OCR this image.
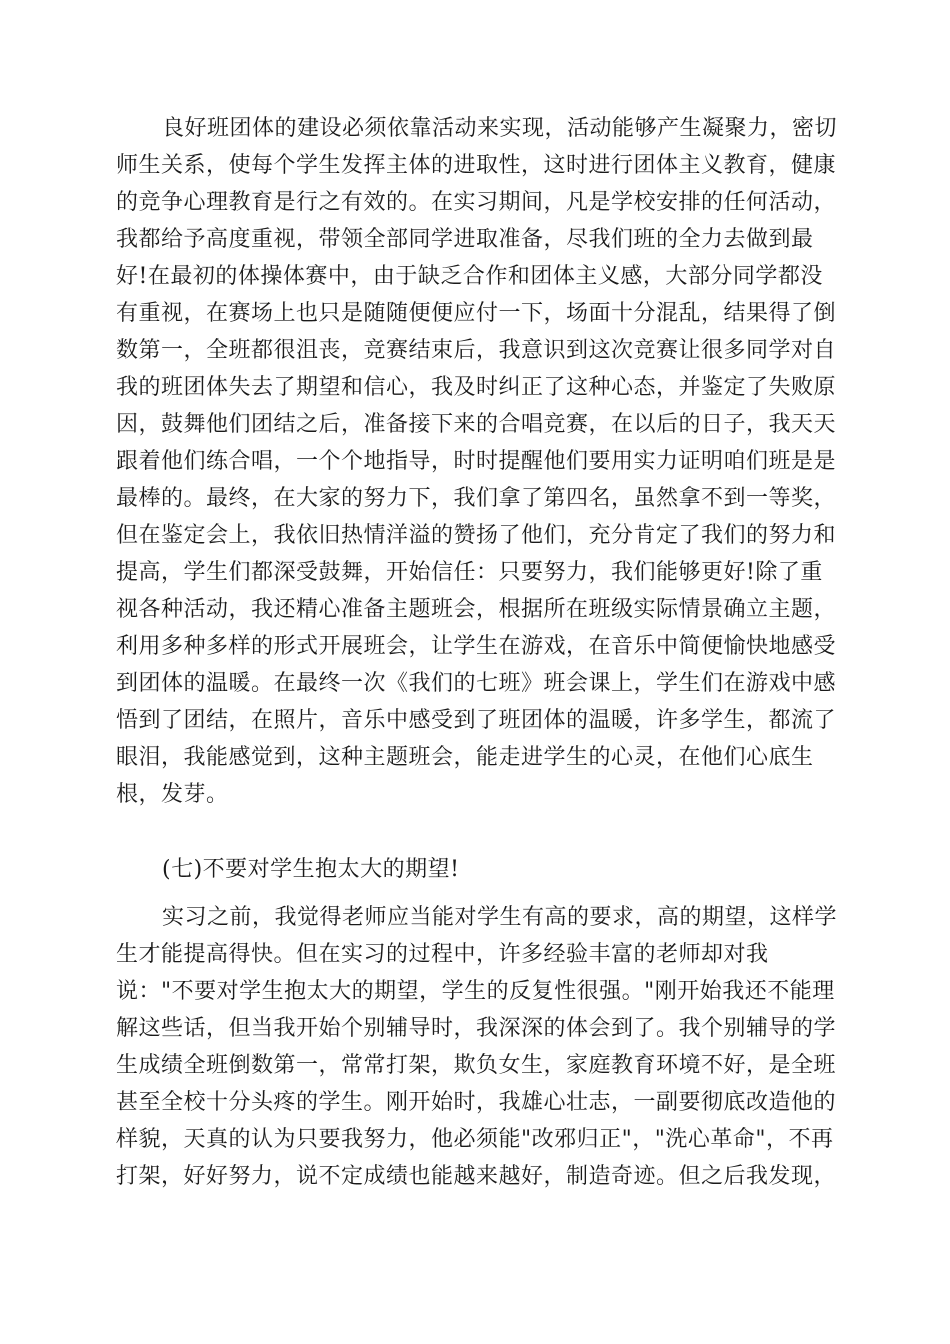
良好班团体的建设必须依靠活动来实现，活动能够产生凝聚力，密切
师生关系，使每个学生发挥主体的进取性，这时进行团体主义教育，健康
的竞争心理教育是行之有效的。在实习期间，凡是学校安排的任何活动，
我都给予高度重视，带领全部同学进取准备，尽我们班的全力去做到最
好!在最初的体操体赛中，由于缺乏合作和团体主义感，大部分同学都没
有重视，在赛场上也只是随随便便应付一下，场面十分混乱，结果得了倒
数第一，全班都很沮丧，竞赛结束后，我意识到这次竞赛让很多同学对自
我的班团体失去了期望和信心，我及时纠正了这种心态，并鉴定了失败原
因，鼓舞他们团结之后，准备接下来的合唱竞赛，在以后的日子，我天天
跟着他们练合唱，一个个地指导，时时提醒他们要用实力证明咱们班是是
最棒的。最终，在大家的努力下，我们拿了第四名，虽然拿不到一等奖，
但在鉴定会上，我依旧热情洋溢的赞扬了他们，充分肯定了我们的努力和
提高，学生们都深受鼓舞，开始信任：只要努力，我们能够更好!除了重
视各种活动，我还精心准备主题班会，根据所在班级实际情景确立主题，
利用多种多样的形式开展班会，让学生在游戏，在音乐中简便愉快地感受
到团体的温暖。在最终一次《我们的七班》班会课上，学生们在游戏中感
悟到了团结，在照片，音乐中感受到了班团体的温暖，许多学生，都流了
眼泪，我能感觉到，这种主题班会，能走进学生的心灵，在他们心底生
根，发芽。
(七)不要对学生抱太大的期望!
实习之前，我觉得老师应当能对学生有高的要求，高的期望，这样学
生才能提高得快。但在实习的过程中，许多经验丰富的老师却对我
说："不要对学生抱太大的期望，学生的反复性很强。"刚开始我还不能理
解这些话，但当我开始个别辅导时，我深深的体会到了。我个别辅导的学
生成绩全班倒数第一，常常打架，欺负女生，家庭教育环境不好，是全班
甚至全校十分头疼的学生。刚开始时，我雄心壮志，一副要彻底改造他的
样貌，天真的认为只要我努力，他必须能"改邪归正"，"洗心革命"，不再
打架，好好努力，说不定成绩也能越来越好，制造奇迹。但之后我发现，
